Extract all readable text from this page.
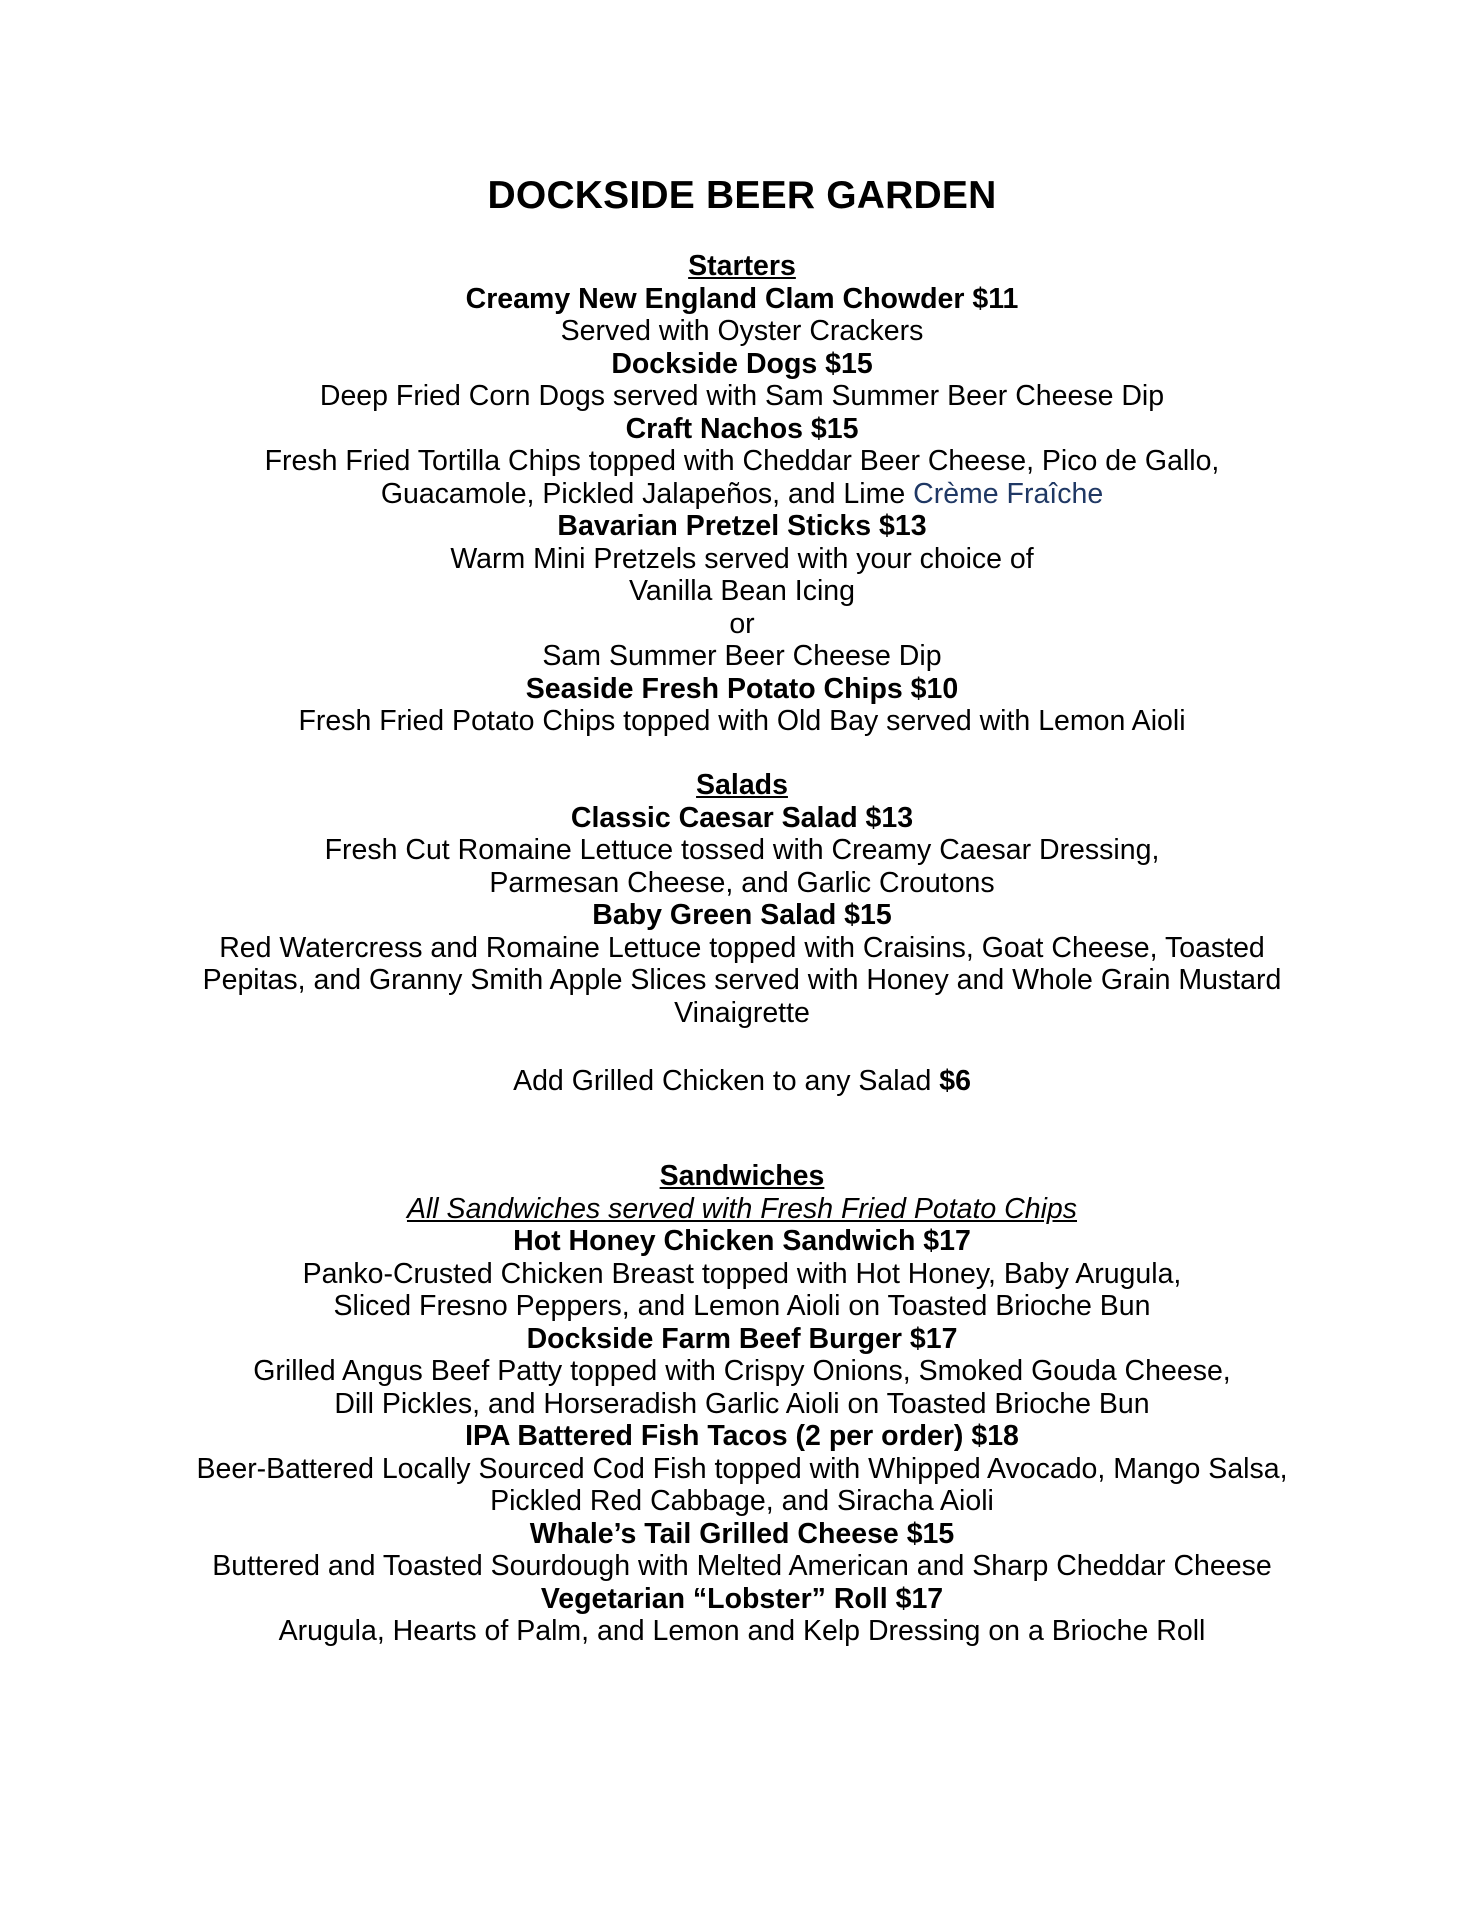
DOCKSIDE BEER GARDEN
Starters
Creamy New England Clam Chowder $11
Served with Oyster Crackers
Dockside Dogs $15
Deep Fried Corn Dogs served with Sam Summer Beer Cheese Dip
Craft Nachos $15
Fresh Fried Tortilla Chips topped with Cheddar Beer Cheese, Pico de Gallo,
Guacamole, Pickled Jalapeños, and Lime Crème Fraîche
Bavarian Pretzel Sticks $13
Warm Mini Pretzels served with your choice of
Vanilla Bean Icing
or
Sam Summer Beer Cheese Dip
Seaside Fresh Potato Chips $10
Fresh Fried Potato Chips topped with Old Bay served with Lemon Aioli
Salads
Classic Caesar Salad $13
Fresh Cut Romaine Lettuce tossed with Creamy Caesar Dressing,
Parmesan Cheese, and Garlic Croutons
Baby Green Salad $15
Red Watercress and Romaine Lettuce topped with Craisins, Goat Cheese, Toasted
Pepitas, and Granny Smith Apple Slices served with Honey and Whole Grain Mustard
Vinaigrette
Add Grilled Chicken to any Salad $6
Sandwiches
All Sandwiches served with Fresh Fried Potato Chips
Hot Honey Chicken Sandwich $17
Panko-Crusted Chicken Breast topped with Hot Honey, Baby Arugula,
Sliced Fresno Peppers, and Lemon Aioli on Toasted Brioche Bun
Dockside Farm Beef Burger $17
Grilled Angus Beef Patty topped with Crispy Onions, Smoked Gouda Cheese,
Dill Pickles, and Horseradish Garlic Aioli on Toasted Brioche Bun
IPA Battered Fish Tacos (2 per order) $18
Beer-Battered Locally Sourced Cod Fish topped with Whipped Avocado, Mango Salsa,
Pickled Red Cabbage, and Siracha Aioli
Whale’s Tail Grilled Cheese $15
Buttered and Toasted Sourdough with Melted American and Sharp Cheddar Cheese
Vegetarian “Lobster” Roll $17
Arugula, Hearts of Palm, and Lemon and Kelp Dressing on a Brioche Roll
